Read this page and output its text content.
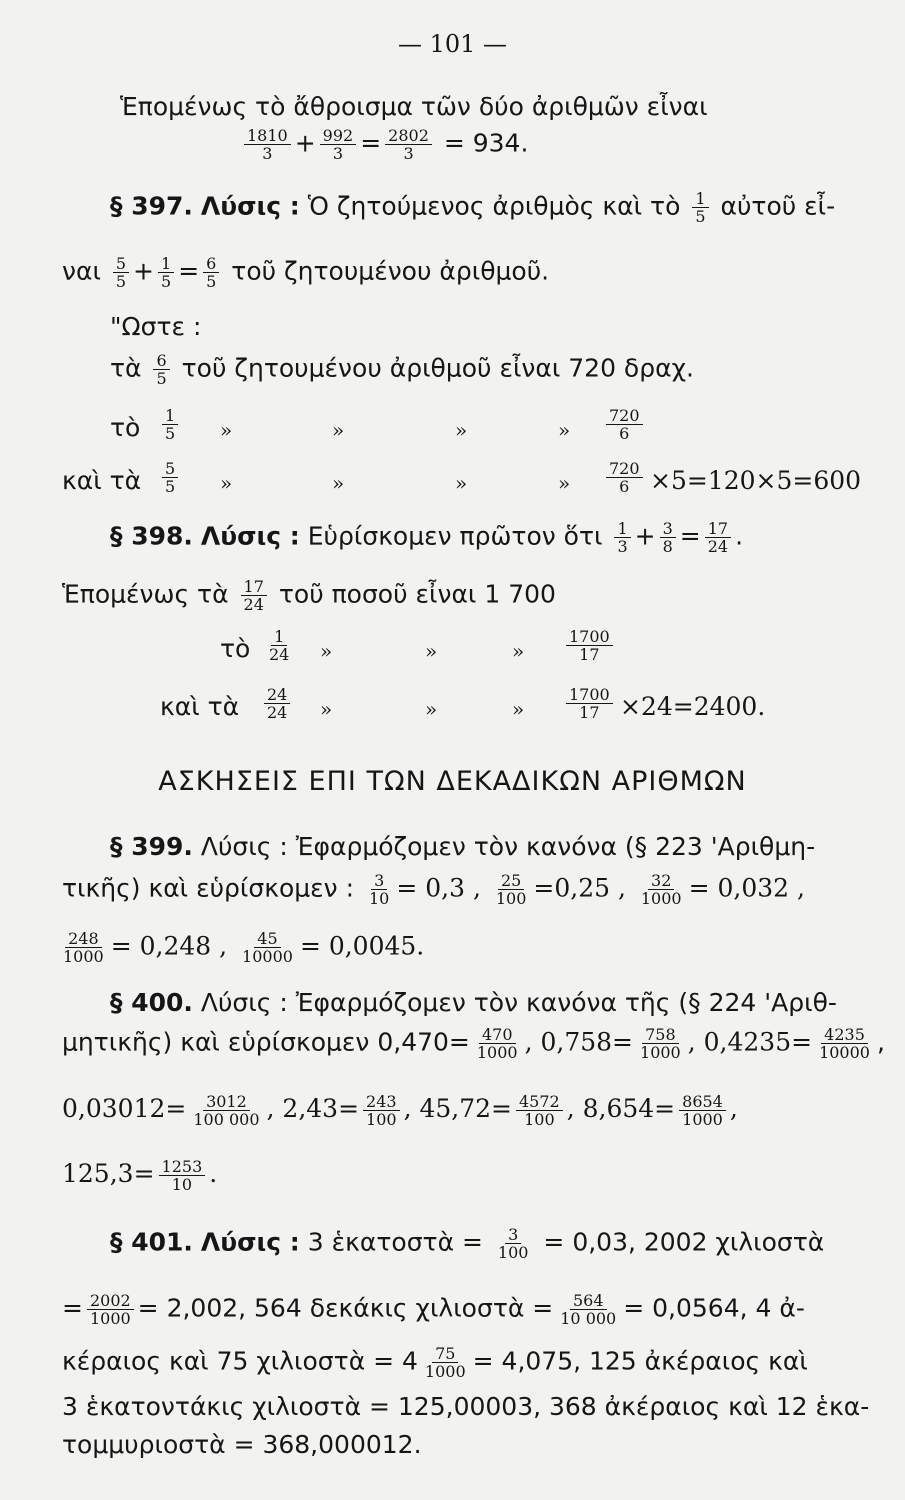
— 101 —
Ἑπομένως τὸ ἄθροισμα τῶν δύο ἀριθμῶν εἶναι
$\frac{1810}{3} + \frac{992}{3} = \frac{2802}{3} = 934$.
§ 397. Λύσις : Ὁ ζητούμενος ἀριθμὸς καὶ τὸ $\frac{1}{5}$ αὐτοῦ εἶ-
ναι $\frac{5}{5} + \frac{1}{5} = \frac{6}{5}$ τοῦ ζητουμένου ἀριθμοῦ.
"Ωστε :
τὰ $\frac{6}{5}$ τοῦ ζητουμένου ἀριθμοῦ εἶναι 720 δραχ.
τὸ $\frac{1}{5}$ »	»	»	» $\frac{720}{6}$
καὶ τὰ $\frac{5}{5}$ »	»	»	» $\frac{720}{6} \times 5=120\times 5=600$
§ 398. Λύσις : Εὑρίσκομεν πρῶτον ὅτι $\frac{1}{3} + \frac{3}{8} = \frac{17}{24}$ .
Ἑπομένως τὰ $\frac{17}{24}$ τοῦ ποσοῦ εἶναι 1 700
τὸ $\frac{1}{24}$ »	»	»	$\frac{1700}{17}$
καὶ τὰ $\frac{24}{24}$ »	»	»	$\frac{1700}{17} \times 24=2400$.
ΑΣΚΗΣΕΙΣ ΕΠΙ ΤΩΝ ΔΕΚΑΔΙΚΩΝ ΑΡΙΘΜΩΝ
§ 399. Λύσις : Ἐφαρμόζομεν τὸν κανόνα (§ 223 'Αριθμη-
τικῆς) καὶ εὑρίσκομεν : $\frac{3}{10} = 0,3$ , $\frac{25}{100} =0,25$ , $\frac{32}{1000} = 0,032$ ,
$\frac{248}{1000} = 0,248$ , $\frac{45}{10000} = 0,0045$.
§ 400. Λύσις : Ἐφαρμόζομεν τὸν κανόνα τῆς (§ 224 'Αριθ-
μητικῆς) καὶ εὑρίσκομεν $0,470= \frac{470}{1000}$ , $0,758= \frac{758}{1000}$ , $0,4235= \frac{4235}{10000}$ ,
$0,03012= \frac{3012}{100 000}$ , $2,43= \frac{243}{100}$ , $45,72= \frac{4572}{100}$ , $8,654= \frac{8654}{1000}$ ,
$125,3= \frac{1253}{10}$ .
§ 401. Λύσις : 3 ἑκατοστὰ = $\frac{3}{100} = 0,03$, 2002 χιλιοστὰ
= $\frac{2002}{1000} = 2,002$, 564 δεκάκις χιλιοστὰ = $\frac{564}{10 000} = 0,0564$, 4 ἀ-
κέραιος καὶ 75 χιλιοστὰ = $4 \frac{75}{1000} = 4,075$, 125 ἀκέραιος καὶ
3 ἑκατοντάκις χιλιοστὰ = 125,00003, 368 ἀκέραιος καὶ 12 ἑκα-
τομμυριοστὰ = 368,000012.
